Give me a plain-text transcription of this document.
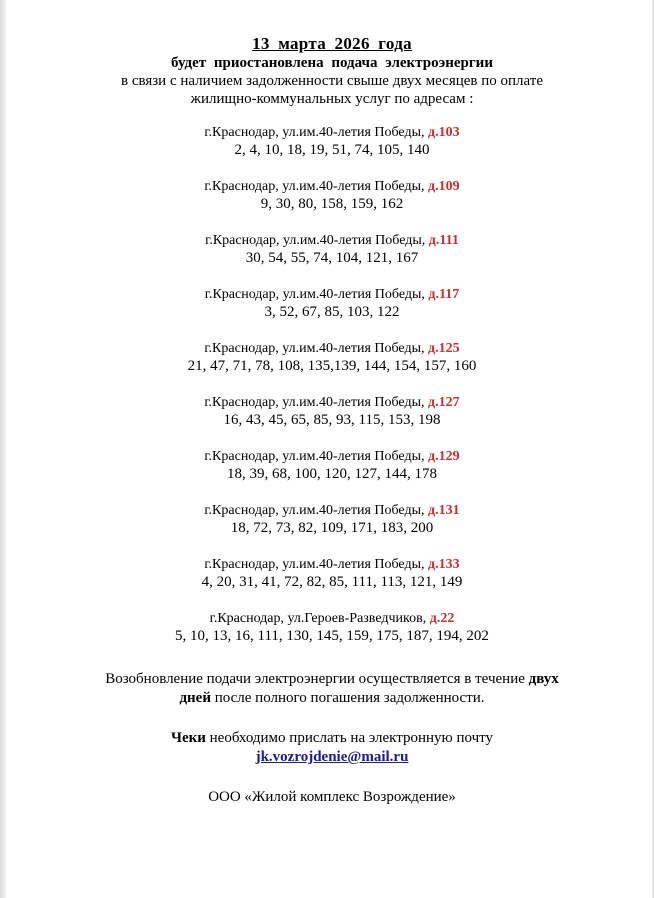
13 марта 2026 года
будет приостановлена подача электроэнергии
в связи с наличием задолженности свыше двух месяцев по оплате
жилищно-коммунальных услуг по адресам :
г.Краснодар, ул.им.40-летия Победы, д.103
2, 4, 10, 18, 19, 51, 74, 105, 140
г.Краснодар, ул.им.40-летия Победы, д.109
9, 30, 80, 158, 159, 162
г.Краснодар, ул.им.40-летия Победы, д.111
30, 54, 55, 74, 104, 121, 167
г.Краснодар, ул.им.40-летия Победы, д.117
3, 52, 67, 85, 103, 122
г.Краснодар, ул.им.40-летия Победы, д.125
21, 47, 71, 78, 108, 135,139, 144, 154, 157, 160
г.Краснодар, ул.им.40-летия Победы, д.127
16, 43, 45, 65, 85, 93, 115, 153, 198
г.Краснодар, ул.им.40-летия Победы, д.129
18, 39, 68, 100, 120, 127, 144, 178
г.Краснодар, ул.им.40-летия Победы, д.131
18, 72, 73, 82, 109, 171, 183, 200
г.Краснодар, ул.им.40-летия Победы, д.133
4, 20, 31, 41, 72, 82, 85, 111, 113, 121, 149
г.Краснодар, ул.Героев-Разведчиков, д.22
5, 10, 13, 16, 111, 130, 145, 159, 175, 187, 194, 202
Возобновление подачи электроэнергии осуществляется в течение двух
дней после полного погашения задолженности.
Чеки необходимо прислать на электронную почту
jk.vozrojdenie@mail.ru
ООО «Жилой комплекс Возрождение»
